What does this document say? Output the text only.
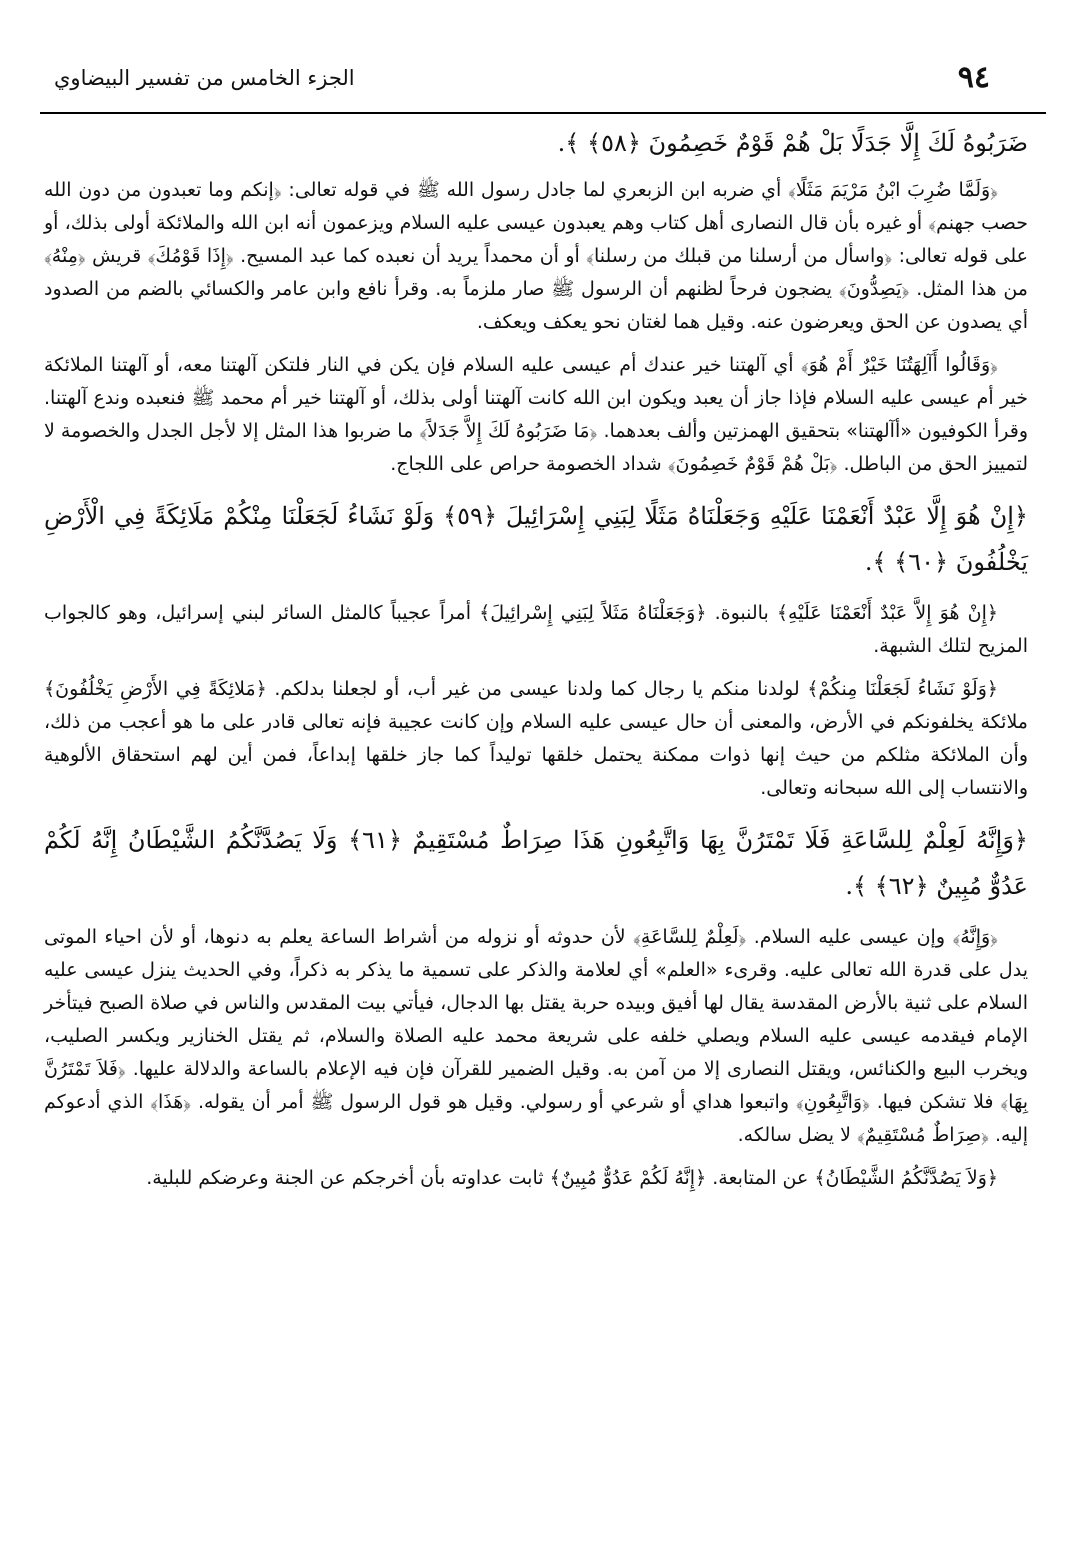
٩٤
الجزء الخامس من تفسير البيضاوي

ضَرَبُوهُ لَكَ إِلَّا جَدَلًا بَلْ هُمْ قَوْمٌ خَصِمُونَ ﴿٥٨﴾ ﴾.

﴿وَلَمَّا ضُرِبَ ابْنُ مَرْيَمَ مَثَلًا﴾ أي ضربه ابن الزبعري لما جادل رسول الله ﷺ في قوله تعالى: ﴿إنكم وما تعبدون من دون الله حصب جهنم﴾ أو غيره بأن قال النصارى أهل كتاب وهم يعبدون عيسى عليه السلام ويزعمون أنه ابن الله والملائكة أولى بذلك، أو على قوله تعالى: ﴿واسأل من أرسلنا من قبلك من رسلنا﴾ أو أن محمداً يريد أن نعبده كما عبد المسيح. ﴿إِذَا قَوْمُكَ﴾ قريش ﴿مِنْهُ﴾ من هذا المثل. ﴿يَصِدُّونَ﴾ يضجون فرحاً لظنهم أن الرسول ﷺ صار ملزماً به. وقرأ نافع وابن عامر والكسائي بالضم من الصدود أي يصدون عن الحق ويعرضون عنه. وقيل هما لغتان نحو يعكف ويعكف.

﴿وَقَالُوا أَآلِهَتُنَا خَيْرٌ أَمْ هُوَ﴾ أي آلهتنا خير عندك أم عيسى عليه السلام فإن يكن في النار فلتكن آلهتنا معه، أو آلهتنا الملائكة خير أم عيسى عليه السلام فإذا جاز أن يعبد ويكون ابن الله كانت آلهتنا أولى بذلك، أو آلهتنا خير أم محمد ﷺ فنعبده وندع آلهتنا. وقرأ الكوفيون «أآلهتنا» بتحقيق الهمزتين وألف بعدهما. ﴿مَا ضَرَبُوهُ لَكَ إِلاَّ جَدَلاً﴾ ما ضربوا هذا المثل إلا لأجل الجدل والخصومة لا لتمييز الحق من الباطل. ﴿بَلْ هُمْ قَوْمٌ خَصِمُونَ﴾ شداد الخصومة حراص على اللجاج.

﴿إِنْ هُوَ إِلَّا عَبْدٌ أَنْعَمْنَا عَلَيْهِ وَجَعَلْنَاهُ مَثَلًا لِبَنِي إِسْرَائِيلَ ﴿٥٩﴾ وَلَوْ نَشَاءُ لَجَعَلْنَا مِنْكُمْ مَلَائِكَةً فِي الْأَرْضِ يَخْلُفُونَ ﴿٦٠﴾ ﴾.

﴿إِنْ هُوَ إِلاَّ عَبْدٌ أَنْعَمْنَا عَلَيْهِ﴾ بالنبوة. ﴿وَجَعَلْنَاهُ مَثَلاً لِبَنِي إِسْرائِيلَ﴾ أمراً عجيباً كالمثل السائر لبني إسرائيل، وهو كالجواب المزيح لتلك الشبهة.

﴿وَلَوْ نَشَاءُ لَجَعَلْنَا مِنكُمْ﴾ لولدنا منكم يا رجال كما ولدنا عيسى من غير أب، أو لجعلنا بدلكم. ﴿مَلائِكَةً فِي الأَرْضِ يَخْلُفُونَ﴾ ملائكة يخلفونكم في الأرض، والمعنى أن حال عيسى عليه السلام وإن كانت عجيبة فإنه تعالى قادر على ما هو أعجب من ذلك، وأن الملائكة مثلكم من حيث إنها ذوات ممكنة يحتمل خلقها توليداً كما جاز خلقها إبداعاً، فمن أين لهم استحقاق الألوهية والانتساب إلى الله سبحانه وتعالى.

﴿وَإِنَّهُ لَعِلْمٌ لِلسَّاعَةِ فَلَا تَمْتَرُنَّ بِهَا وَاتَّبِعُونِ هَذَا صِرَاطٌ مُسْتَقِيمٌ ﴿٦١﴾ وَلَا يَصُدَّنَّكُمُ الشَّيْطَانُ إِنَّهُ لَكُمْ عَدُوٌّ مُبِينٌ ﴿٦٢﴾ ﴾.

﴿وَإِنَّهُ﴾ وإن عيسى عليه السلام. ﴿لَعِلْمٌ لِلسَّاعَةِ﴾ لأن حدوثه أو نزوله من أشراط الساعة يعلم به دنوها، أو لأن احياء الموتى يدل على قدرة الله تعالى عليه. وقرىء «العلم» أي لعلامة والذكر على تسمية ما يذكر به ذكراً، وفي الحديث ينزل عيسى عليه السلام على ثنية بالأرض المقدسة يقال لها أفيق وبيده حربة يقتل بها الدجال، فيأتي بيت المقدس والناس في صلاة الصبح فيتأخر الإمام فيقدمه عيسى عليه السلام ويصلي خلفه على شريعة محمد عليه الصلاة والسلام، ثم يقتل الخنازير ويكسر الصليب، ويخرب البيع والكنائس، ويقتل النصارى إلا من آمن به. وقيل الضمير للقرآن فإن فيه الإعلام بالساعة والدلالة عليها. ﴿فَلاَ تَمْتَرُنَّ بِهَا﴾ فلا تشكن فيها. ﴿وَاتَّبِعُونِ﴾ واتبعوا هداي أو شرعي أو رسولي. وقيل هو قول الرسول ﷺ أمر أن يقوله. ﴿هَذَا﴾ الذي أدعوكم إليه. ﴿صِرَاطٌ مُسْتَقِيمٌ﴾ لا يضل سالكه.

﴿وَلاَ يَصُدَّنَّكُمُ الشَّيْطَانُ﴾ عن المتابعة. ﴿إِنَّهُ لَكُمْ عَدُوٌّ مُبِينٌ﴾ ثابت عداوته بأن أخرجكم عن الجنة وعرضكم للبلية.
